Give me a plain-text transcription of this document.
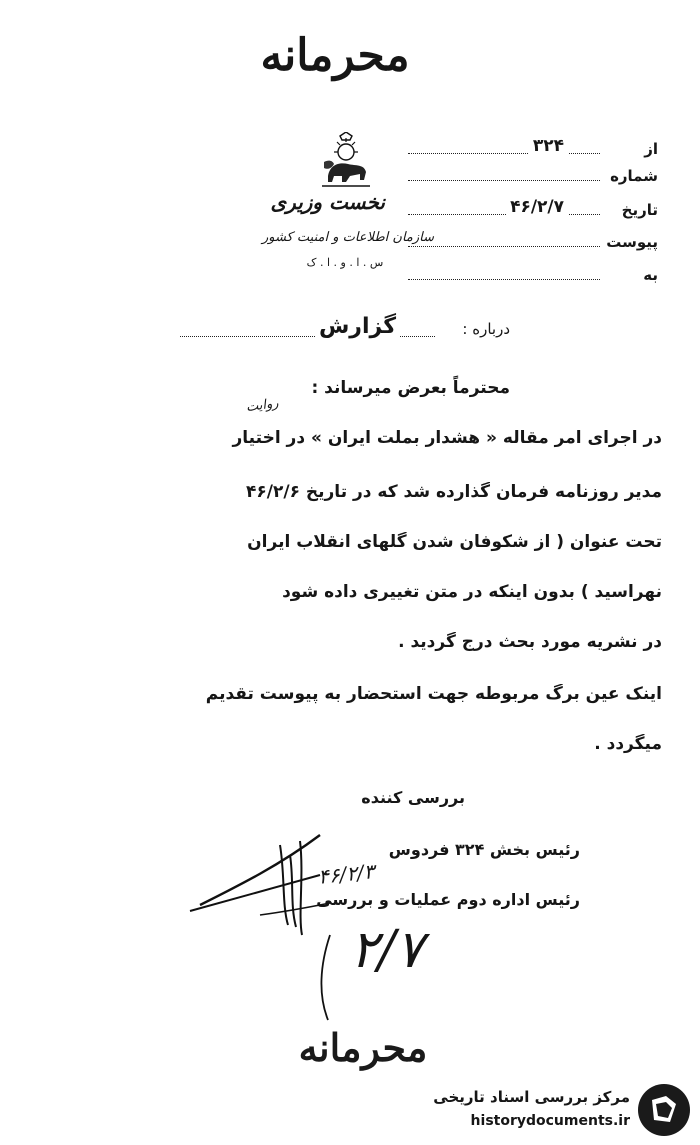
محرمانه
نخست وزیری
سازمان اطلاعات و امنیت کشور
س . ا . و . ا . ک
از
۳۲۴
شماره
تاریخ
۴۶/۲/۷
پیوست
به
درباره :
گزارش
محترماً بعرض میرساند :
روایت
در اجرای امر مقاله « هشدار بملت ایران » در اختیار
مدیر روزنامه فرمان گذارده شد که در تاریخ ۴۶/۲/۶
تحت عنوان ( از شکوفان شدن گلهای انقلاب ایران
نهراسید ) بدون اینکه در متن تغییری داده شود
در نشریه مورد بحث درج گردید .
اینک عین برگ مربوطه جهت استحضار به پیوست تقدیم
میگردد .
بررسی کننده
رئیس بخش ۳۲۴ فردوس
رئیس اداره دوم عملیات و بررسی
۴۶/۲/۳
۲/۷
محرمانه
مرکز بررسی اسناد تاریخی
historydocuments.ir
